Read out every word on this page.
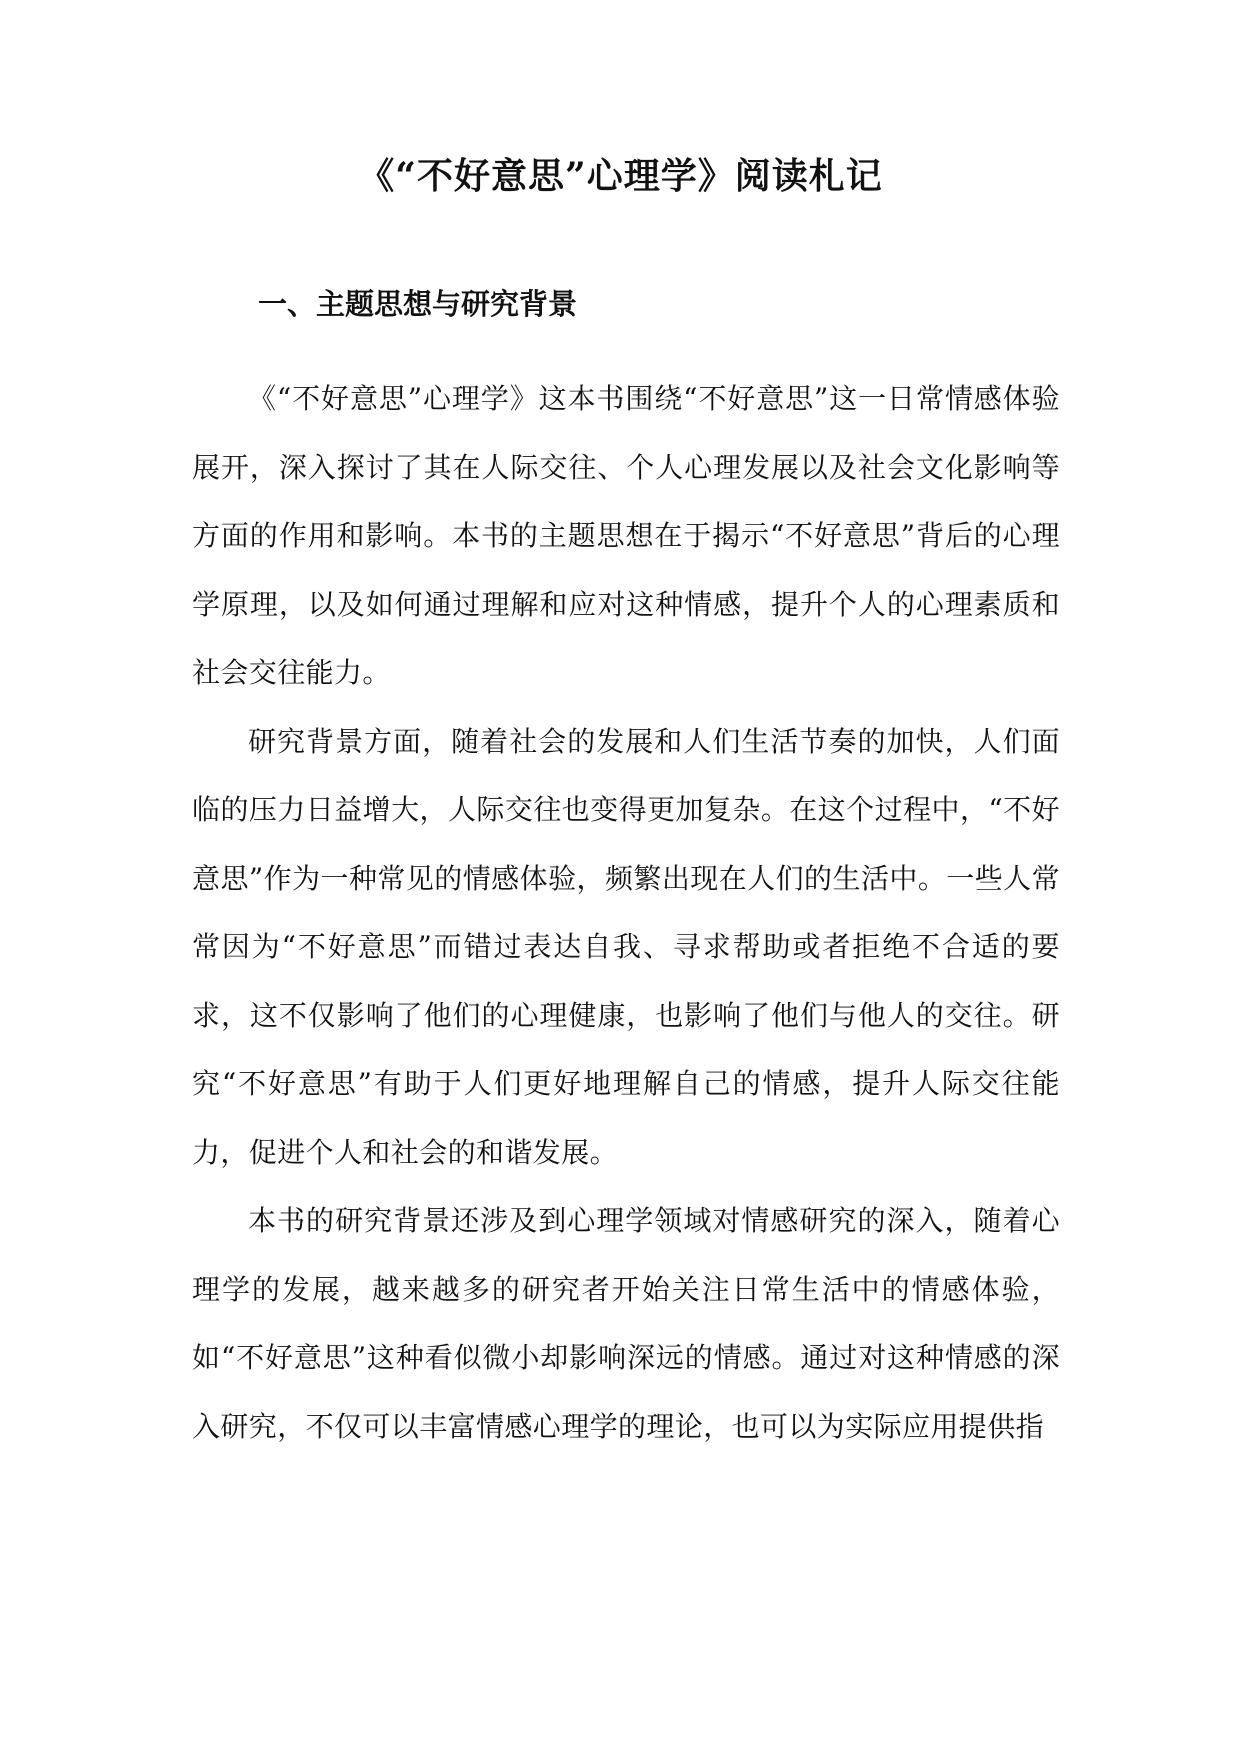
《“不好意思”心理学》阅读札记
一、主题思想与研究背景

《“不好意思”心理学》这本书围绕“不好意思”这一日常情感体验展开，深入探讨了其在人际交往、个人心理发展以及社会文化影响等方面的作用和影响。本书的主题思想在于揭示“不好意思”背后的心理学原理，以及如何通过理解和应对这种情感，提升个人的心理素质和社会交往能力。

研究背景方面，随着社会的发展和人们生活节奏的加快，人们面临的压力日益增大，人际交往也变得更加复杂。在这个过程中，“不好意思”作为一种常见的情感体验，频繁出现在人们的生活中。一些人常常因为“不好意思”而错过表达自我、寻求帮助或者拒绝不合适的要求，这不仅影响了他们的心理健康，也影响了他们与他人的交往。研究“不好意思”有助于人们更好地理解自己的情感，提升人际交往能力，促进个人和社会的和谐发展。

本书的研究背景还涉及到心理学领域对情感研究的深入，随着心理学的发展，越来越多的研究者开始关注日常生活中的情感体验，如“不好意思”这种看似微小却影响深远的情感。通过对这种情感的深入研究，不仅可以丰富情感心理学的理论，也可以为实际应用提供指
